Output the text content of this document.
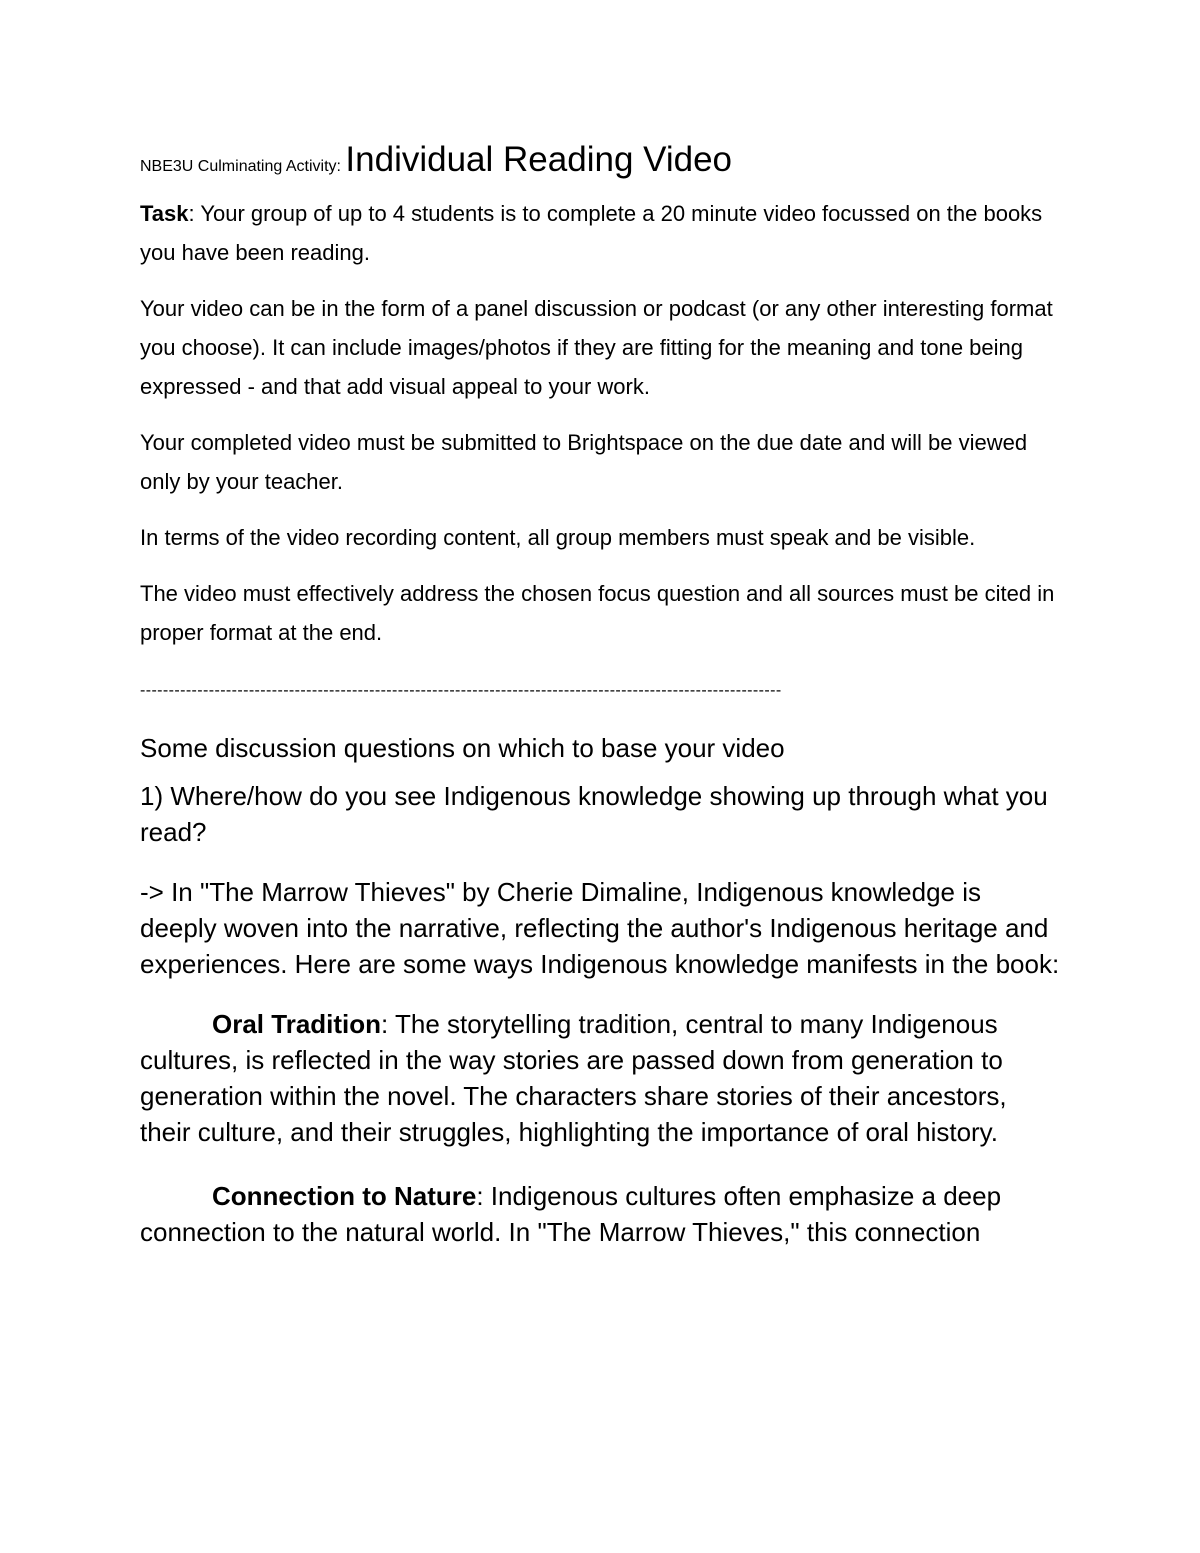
NBE3U Culminating Activity: Individual Reading Video

Task: Your group of up to 4 students is to complete a 20 minute video focussed on the books you have been reading.

Your video can be in the form of a panel discussion or podcast (or any other interesting format you choose). It can include images/photos if they are fitting for the meaning and tone being expressed - and that add visual appeal to your work.

Your completed video must be submitted to Brightspace on the due date and will be viewed only by your teacher.

In terms of the video recording content, all group members must speak and be visible.

The video must effectively address the chosen focus question and all sources must be cited in proper format at the end.

----------------------------------------------------------------------------------------------------------------

Some discussion questions on which to base your video

1) Where/how do you see Indigenous knowledge showing up through what you read?

-> In "The Marrow Thieves" by Cherie Dimaline, Indigenous knowledge is deeply woven into the narrative, reflecting the author's Indigenous heritage and experiences. Here are some ways Indigenous knowledge manifests in the book:

Oral Tradition: The storytelling tradition, central to many Indigenous cultures, is reflected in the way stories are passed down from generation to generation within the novel. The characters share stories of their ancestors, their culture, and their struggles, highlighting the importance of oral history.

Connection to Nature: Indigenous cultures often emphasize a deep connection to the natural world. In "The Marrow Thieves," this connection
